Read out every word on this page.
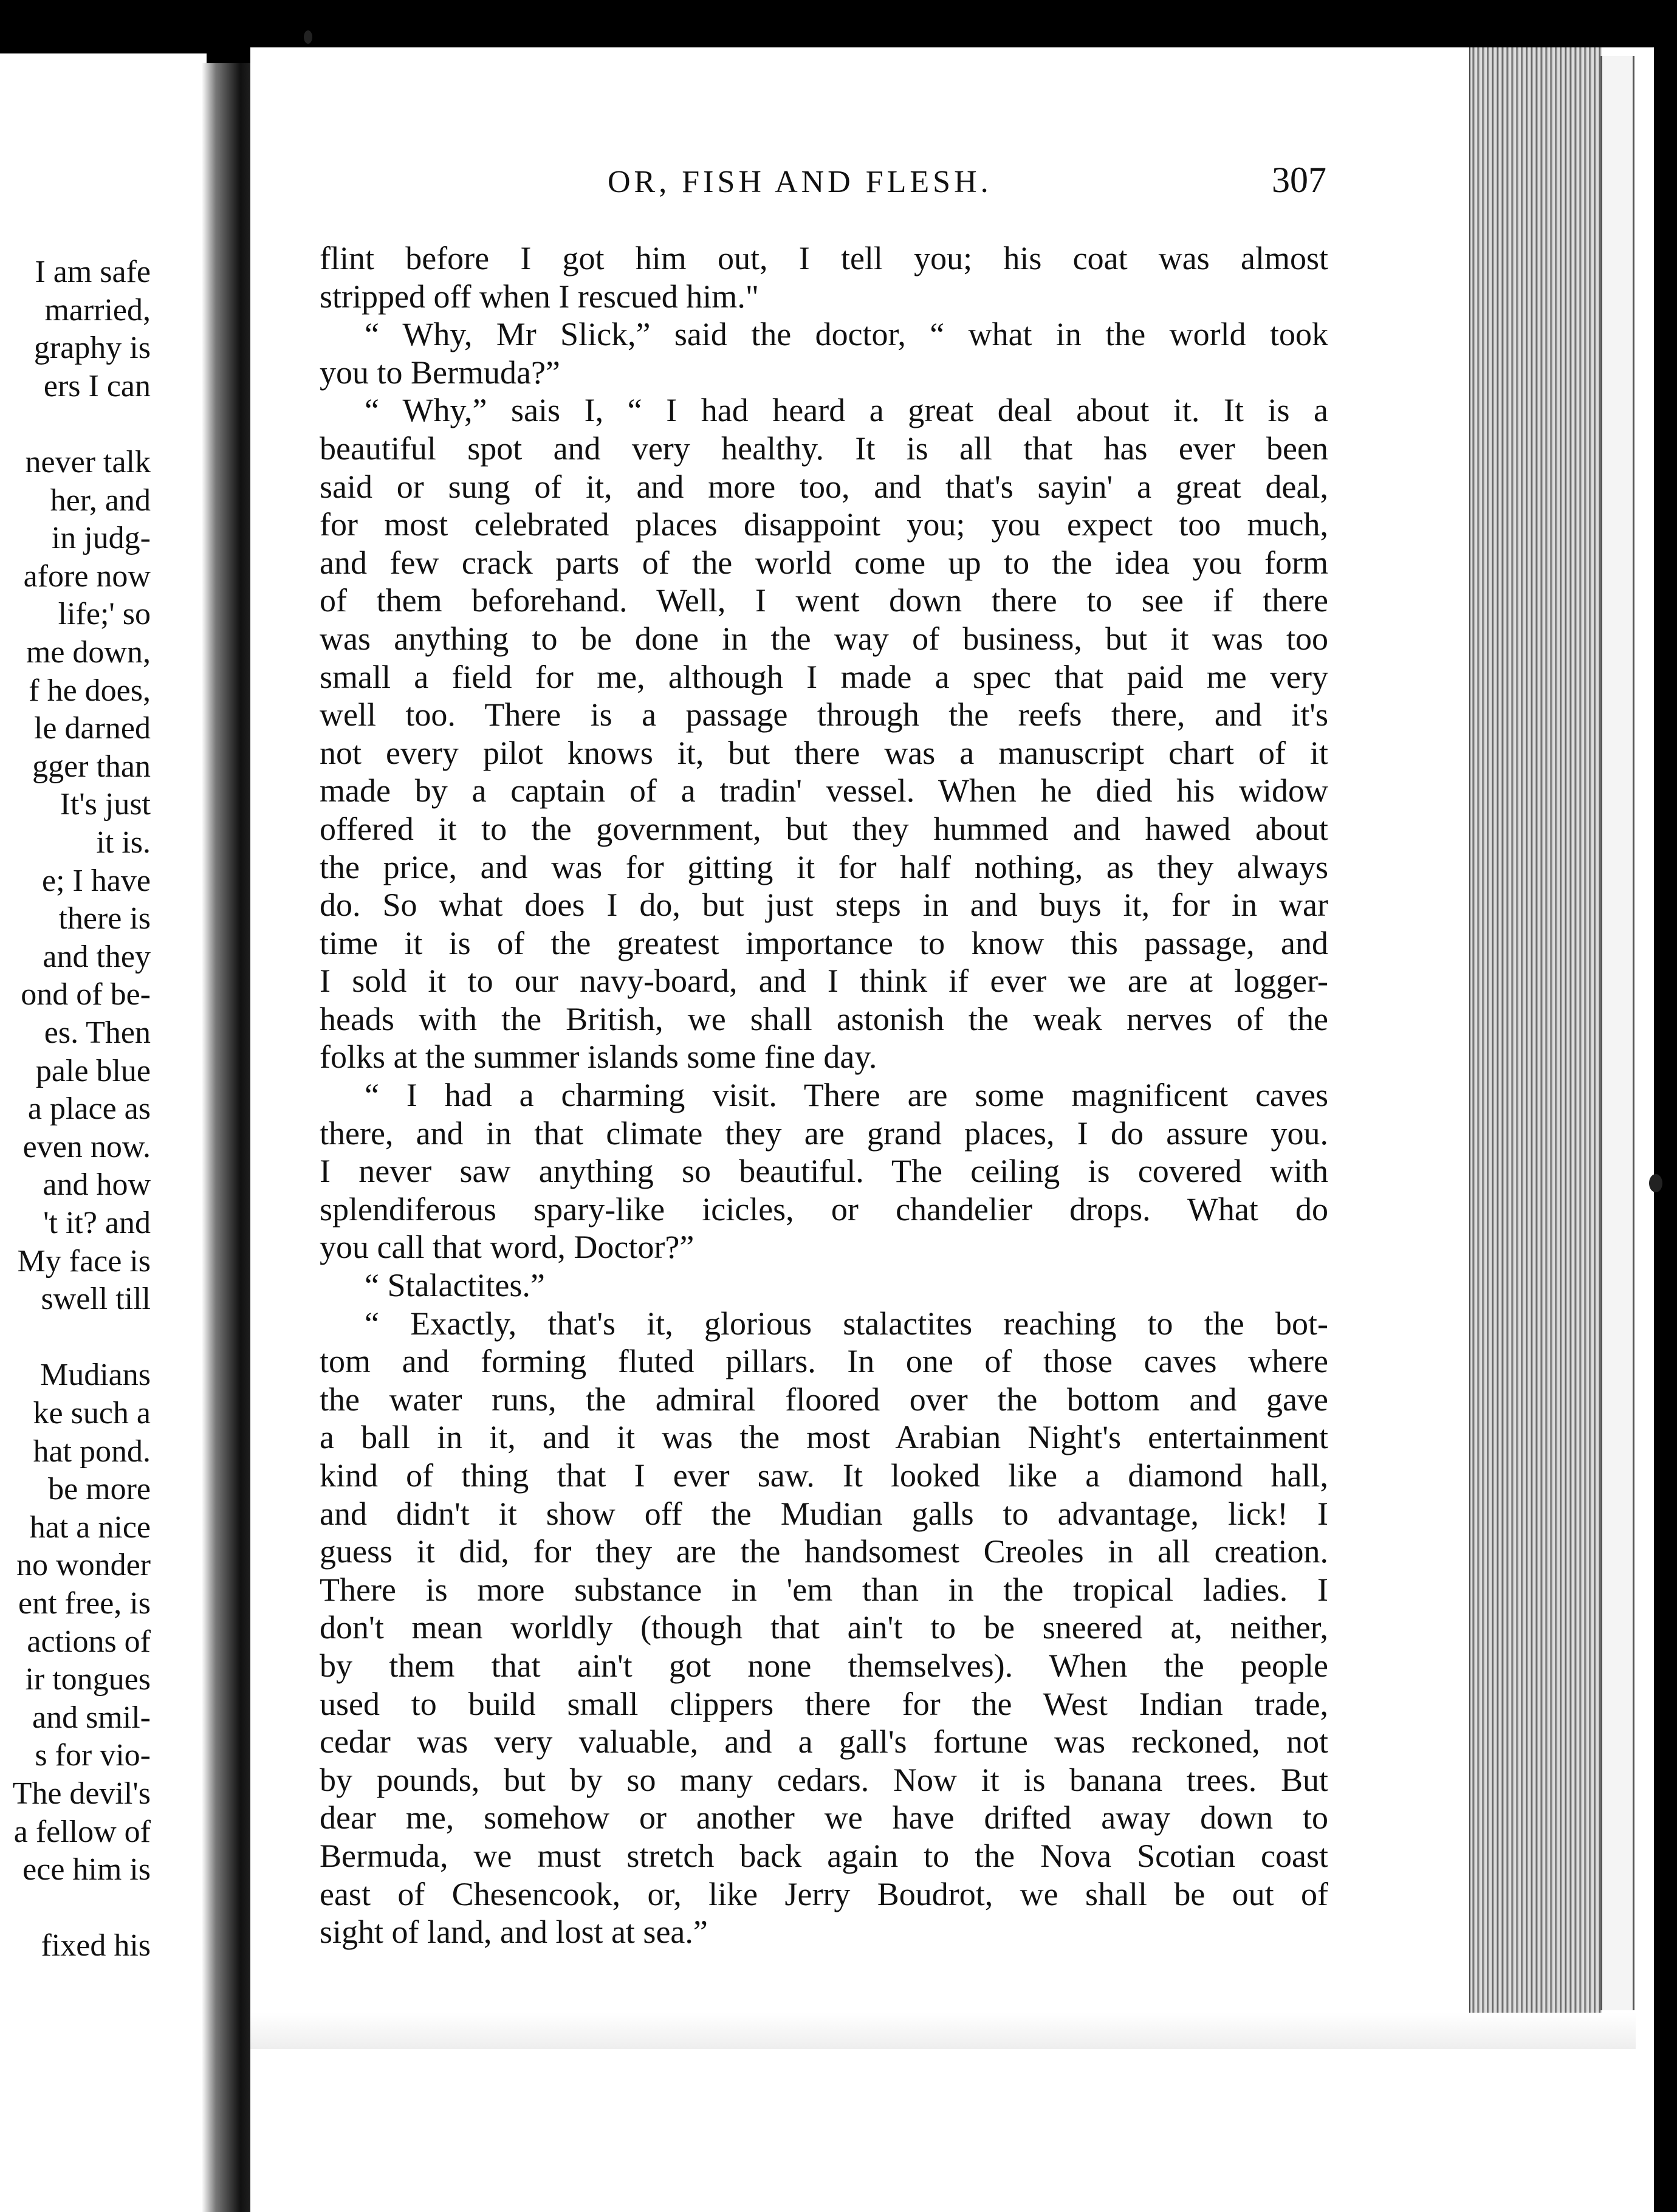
I am safe
married,
graphy is
ers I can
never talk
her, and
in judg-
afore now
life;' so
me down,
f he does,
le darned
gger than
It's just
it is.
e; I have
there is
and they
ond of be-
es. Then
pale blue
a place as
even now.
and how
't it? and
My face is
swell till
Mudians
ke such a
hat pond.
be more
hat a nice
no wonder
ent free, is
actions of
ir tongues
and smil-
s for vio-
The devil's
a fellow of
ece him is
fixed his
OR, FISH AND FLESH.	307
flint before I got him out, I tell you; his coat was almost
stripped off when I rescued him."
“ Why, Mr Slick,” said the doctor, “ what in the world took
you to Bermuda?”
“ Why,” sais I, “ I had heard a great deal about it. It is a
beautiful spot and very healthy. It is all that has ever been
said or sung of it, and more too, and that's sayin' a great deal,
for most celebrated places disappoint you; you expect too much,
and few crack parts of the world come up to the idea you form
of them beforehand. Well, I went down there to see if there
was anything to be done in the way of business, but it was too
small a field for me, although I made a spec that paid me very
well too. There is a passage through the reefs there, and it's
not every pilot knows it, but there was a manuscript chart of it
made by a captain of a tradin' vessel. When he died his widow
offered it to the government, but they hummed and hawed about
the price, and was for gitting it for half nothing, as they always
do. So what does I do, but just steps in and buys it, for in war
time it is of the greatest importance to know this passage, and
I sold it to our navy-board, and I think if ever we are at logger-
heads with the British, we shall astonish the weak nerves of the
folks at the summer islands some fine day.
“ I had a charming visit. There are some magnificent caves
there, and in that climate they are grand places, I do assure you.
I never saw anything so beautiful. The ceiling is covered with
splendiferous spary-like icicles, or chandelier drops. What do
you call that word, Doctor?”
“ Stalactites.”
“ Exactly, that's it, glorious stalactites reaching to the bot-
tom and forming fluted pillars. In one of those caves where
the water runs, the admiral floored over the bottom and gave
a ball in it, and it was the most Arabian Night's entertainment
kind of thing that I ever saw. It looked like a diamond hall,
and didn't it show off the Mudian galls to advantage, lick! I
guess it did, for they are the handsomest Creoles in all creation.
There is more substance in 'em than in the tropical ladies. I
don't mean worldly (though that ain't to be sneered at, neither,
by them that ain't got none themselves). When the people
used to build small clippers there for the West Indian trade,
cedar was very valuable, and a gall's fortune was reckoned, not
by pounds, but by so many cedars. Now it is banana trees. But
dear me, somehow or another we have drifted away down to
Bermuda, we must stretch back again to the Nova Scotian coast
east of Chesencook, or, like Jerry Boudrot, we shall be out of
sight of land, and lost at sea.”
